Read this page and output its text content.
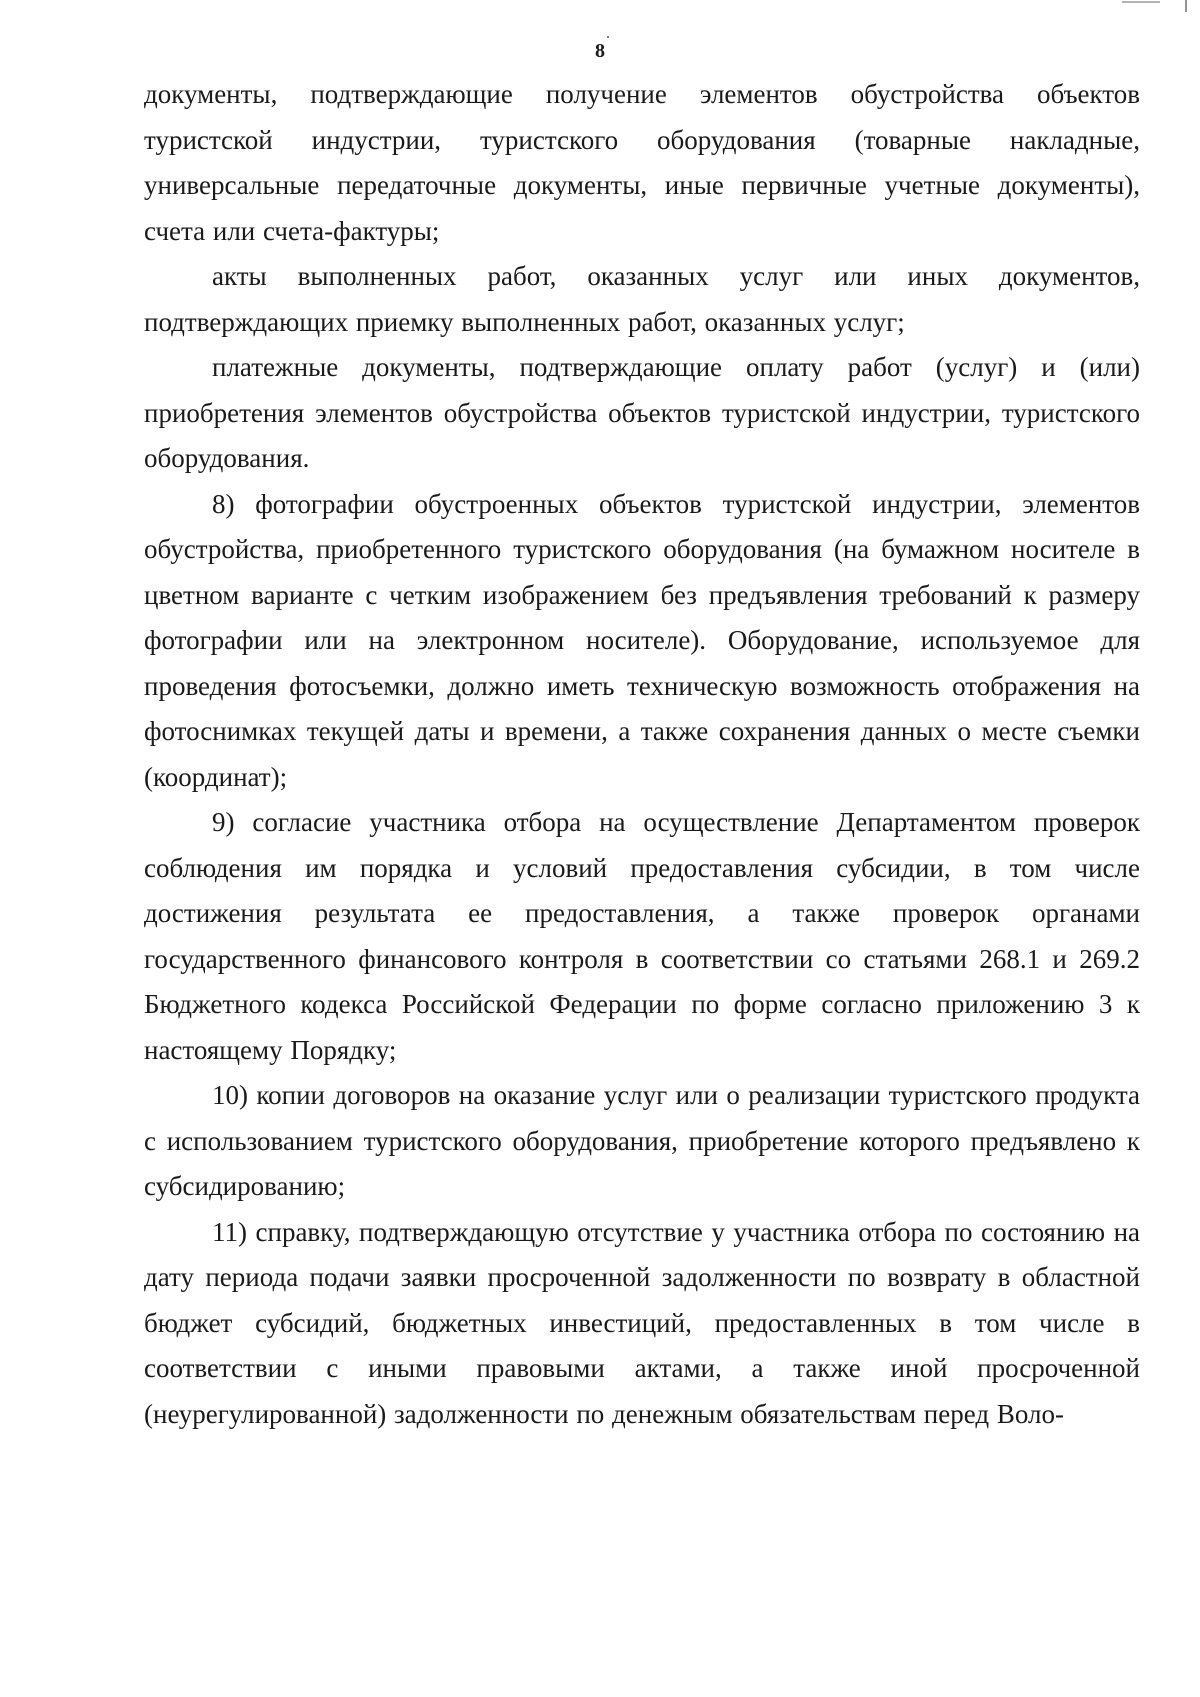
8

документы, подтверждающие получение элементов обустройства объектов туристской индустрии, туристского оборудования (товарные накладные, универсальные передаточные документы, иные первичные учетные документы), счета или счета-фактуры;

акты выполненных работ, оказанных услуг или иных документов, подтверждающих приемку выполненных работ, оказанных услуг;

платежные документы, подтверждающие оплату работ (услуг) и (или) приобретения элементов обустройства объектов туристской индустрии, туристского оборудования.

8) фотографии обустроенных объектов туристской индустрии, элементов обустройства, приобретенного туристского оборудования (на бумажном носителе в цветном варианте с четким изображением без предъявления требований к размеру фотографии или на электронном носителе). Оборудование, используемое для проведения фотосъемки, должно иметь техническую возможность отображения на фотоснимках текущей даты и времени, а также сохранения данных о месте съемки (координат);

9) согласие участника отбора на осуществление Департаментом проверок соблюдения им порядка и условий предоставления субсидии, в том числе достижения результата ее предоставления, а также проверок органами государственного финансового контроля в соответствии со статьями 268.1 и 269.2 Бюджетного кодекса Российской Федерации по форме согласно приложению 3 к настоящему Порядку;

10) копии договоров на оказание услуг или о реализации туристского продукта с использованием туристского оборудования, приобретение которого предъявлено к субсидированию;

11) справку, подтверждающую отсутствие у участника отбора по состоянию на дату периода подачи заявки просроченной задолженности по возврату в областной бюджет субсидий, бюджетных инвестиций, предоставленных в том числе в соответствии с иными правовыми актами, а также иной просроченной (неурегулированной) задолженности по денежным обязательствам перед Воло-
